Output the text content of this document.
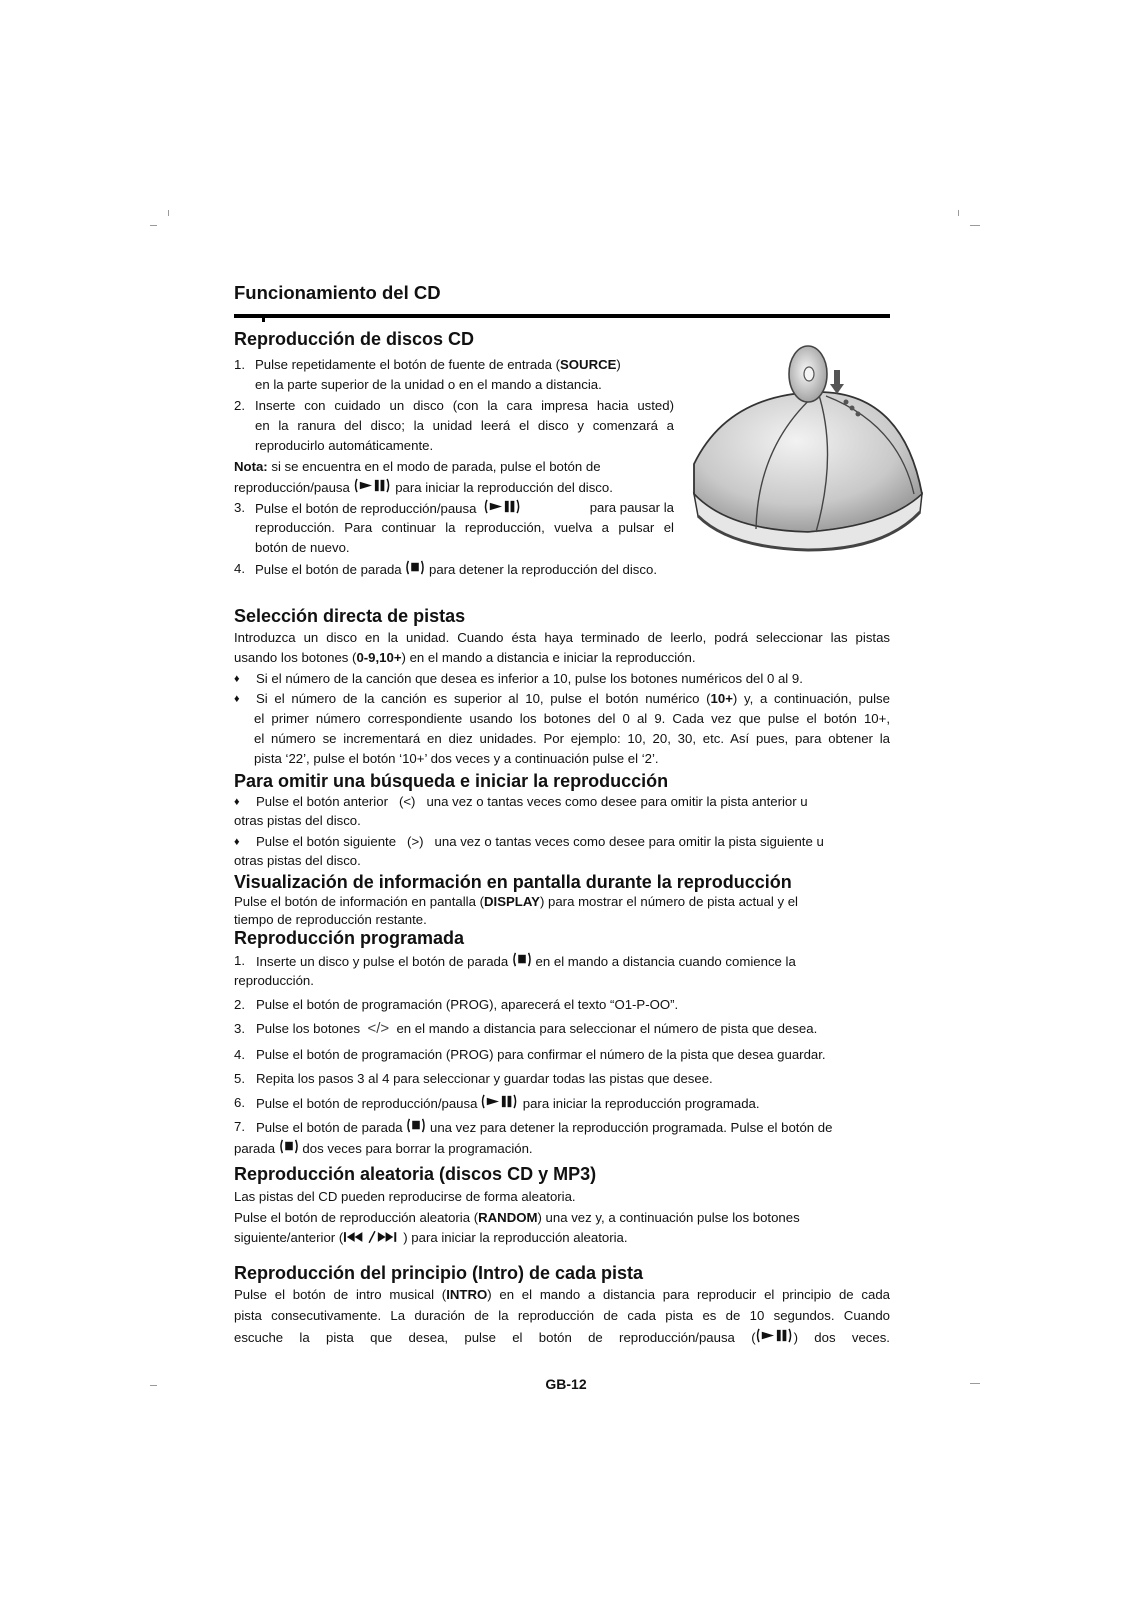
Funcionamiento del CD
Reproducción de discos CD
1. Pulse repetidamente el botón de fuente de entrada (SOURCE)
en la parte superior de la unidad o en el mando a distancia.
2. Inserte con cuidado un disco (con la cara impresa hacia usted)
en la ranura del disco; la unidad leerá el disco y comenzará a
reproducirlo automáticamente.
Nota: si se encuentra en el modo de parada, pulse el botón de
reproducción/pausa	para iniciar la reproducción del disco.
3. Pulse el botón de reproducción/pausa	para pausar la
reproducción. Para continuar la reproducción, vuelva a pulsar el
botón de nuevo.
4. Pulse el botón de parada para detener la reproducción del disco.
Selección directa de pistas
Introduzca un disco en la unidad. Cuando ésta haya terminado de leerlo, podrá seleccionar las pistas
usando los botones (0-9,10+) en el mando a distancia e iniciar la reproducción.
♦ Si el número de la canción que desea es inferior a 10, pulse los botones numéricos del 0 al 9.
♦ Si el número de la canción es superior al 10, pulse el botón numérico (10+) y, a continuación, pulse
el primer número correspondiente usando los botones del 0 al 9. Cada vez que pulse el botón 10+,
el número se incrementará en diez unidades. Por ejemplo: 10, 20, 30, etc. Así pues, para obtener la
pista ‘22’, pulse el botón ‘10+’ dos veces y a continuación pulse el ‘2’.
Para omitir una búsqueda e iniciar la reproducción
♦ Pulse el botón anterior (<) una vez o tantas veces como desee para omitir la pista anterior u
otras pistas del disco.
♦ Pulse el botón siguiente (>) una vez o tantas veces como desee para omitir la pista siguiente u
otras pistas del disco.
Visualización de información en pantalla durante la reproducción
Pulse el botón de información en pantalla (DISPLAY) para mostrar el número de pista actual y el
tiempo de reproducción restante.
Reproducción programada
1. Inserte un disco y pulse el botón de parada en el mando a distancia cuando comience la
reproducción.
2. Pulse el botón de programación (PROG), aparecerá el texto “O1-P-OO”.
3. Pulse los botones </> en el mando a distancia para seleccionar el número de pista que desea.
4. Pulse el botón de programación (PROG) para confirmar el número de la pista que desea guardar.
5. Repita los pasos 3 al 4 para seleccionar y guardar todas las pistas que desee.
6. Pulse el botón de reproducción/pausa	para iniciar la reproducción programada.
7. Pulse el botón de parada una vez para detener la reproducción programada. Pulse el botón de
parada dos veces para borrar la programación.
Reproducción aleatoria (discos CD y MP3)
Las pistas del CD pueden reproducirse de forma aleatoria.
Pulse el botón de reproducción aleatoria (RANDOM) una vez y, a continuación pulse los botones
siguiente/anterior (	) para iniciar la reproducción aleatoria.
Reproducción del principio (Intro) de cada pista
Pulse el botón de intro musical (INTRO) en el mando a distancia para reproducir el principio de cada
pista consecutivamente. La duración de la reproducción de cada pista es de 10 segundos. Cuando
escuche la pista que desea, pulse el botón de reproducción/pausa (	) dos veces.
GB-12
